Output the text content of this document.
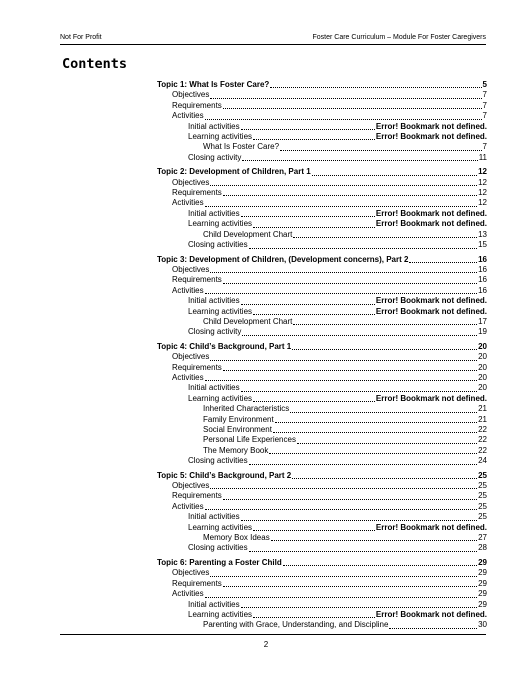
Not For Profit	Foster Care Curriculum – Module For Foster Caregivers
Contents
Topic 1: What Is Foster Care?	5
Objectives	7
Requirements	7
Activities	7
Initial activities	Error! Bookmark not defined.
Learning activities	Error! Bookmark not defined.
What Is Foster Care?	7
Closing activity	11
Topic 2: Development of Children, Part 1	12
Objectives	12
Requirements	12
Activities	12
Initial activities	Error! Bookmark not defined.
Learning activities	Error! Bookmark not defined.
Child Development Chart	13
Closing activities	15
Topic 3: Development of Children, (Development concerns), Part 2	16
Objectives	16
Requirements	16
Activities	16
Initial activities	Error! Bookmark not defined.
Learning activities	Error! Bookmark not defined.
Child Development Chart	17
Closing activity	19
Topic 4: Child’s Background, Part 1	20
Objectives	20
Requirements	20
Activities	20
Initial activities	20
Learning activities	Error! Bookmark not defined.
Inherited Characteristics	21
Family Environment	21
Social Environment	22
Personal Life Experiences	22
The Memory Book	22
Closing activities	24
Topic 5: Child’s Background, Part 2	25
Objectives	25
Requirements	25
Activities	25
Initial activities	25
Learning activities	Error! Bookmark not defined.
Memory Box Ideas	27
Closing activities	28
Topic 6: Parenting a Foster Child	29
Objectives	29
Requirements	29
Activities	29
Initial activities	29
Learning activities	Error! Bookmark not defined.
Parenting with Grace, Understanding, and Discipline	30
2
